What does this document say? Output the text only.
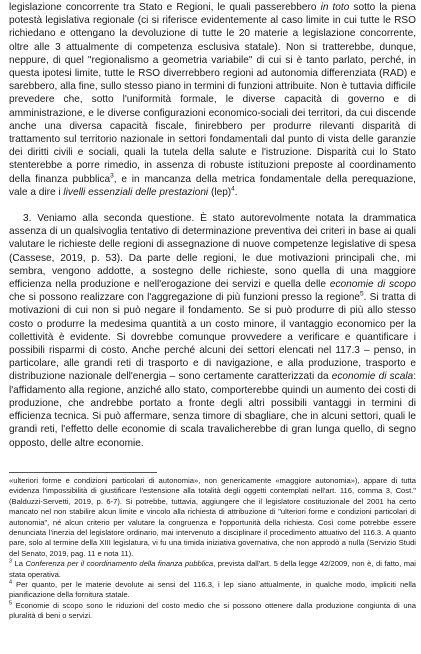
legislazione concorrente tra Stato e Regioni, le quali passerebbero in toto sotto la piena potestà legislativa regionale (ci si riferisce evidentemente al caso limite in cui tutte le RSO richiedano e ottengano la devoluzione di tutte le 20 materie a legislazione concorrente, oltre alle 3 attualmente di competenza esclusiva statale). Non si tratterebbe, dunque, neppure, di quel "regionalismo a geometria variabile" di cui si è tanto parlato, perché, in questa ipotesi limite, tutte le RSO diverrebbero regioni ad autonomia differenziata (RAD) e sarebbero, alla fine, sullo stesso piano in termini di funzioni attribuite. Non è tuttavia difficile prevedere che, sotto l'uniformità formale, le diverse capacità di governo e di amministrazione, e le diverse configurazioni economico-sociali dei territori, da cui discende anche una diversa capacità fiscale, finirebbero per produrre rilevanti disparità di trattamento sul territorio nazionale in settori fondamentali dal punto di vista delle garanzie dei diritti civili e sociali, quali la tutela della salute e l'istruzione. Disparità cui lo Stato stenterebbe a porre rimedio, in assenza di robuste istituzioni preposte al coordinamento della finanza pubblica$^3$, e in mancanza della metrica fondamentale della perequazione, vale a dire i livelli essenziali delle prestazioni (lep)$^4$.

3. Veniamo alla seconda questione. È stato autorevolmente notata la drammatica assenza di un qualsivoglia tentativo di determinazione preventiva dei criteri in base ai quali valutare le richieste delle regioni di assegnazione di nuove competenze legislative di spesa (Cassese, 2019, p. 53). Da parte delle regioni, le due motivazioni principali che, mi sembra, vengono addotte, a sostegno delle richieste, sono quella di una maggiore efficienza nella produzione e nell'erogazione dei servizi e quella delle economie di scopo che si possono realizzare con l'aggregazione di più funzioni presso la regione$^5$. Si tratta di motivazioni di cui non si può negare il fondamento. Se si può produrre di più allo stesso costo o produrre la medesima quantità a un costo minore, il vantaggio economico per la collettività è evidente. Si dovrebbe comunque provvedere a verificare e quantificare i possibili risparmi di costo. Anche perché alcuni dei settori elencati nel 117.3 – penso, in particolare, alle grandi reti di trasporto e di navigazione, e alla produzione, trasporto e distribuzione nazionale dell'energia – sono certamente caratterizzati da economie di scala: l'affidamento alla regione, anziché allo stato, comporterebbe quindi un aumento dei costi di produzione, che andrebbe portato a fronte degli altri possibili vantaggi in termini di efficienza tecnica. Si può affermare, senza timore di sbagliare, che in alcuni settori, quali le grandi reti, l'effetto delle economie di scala travalicherebbe di gran lunga quello, di segno opposto, delle altre economie.

«ulteriori forme e condizioni particolari di autonomia», non genericamente «maggiore autonomia»), appare di tutta evidenza l'impossibilità di giustificare l'estensione alla totalità degli oggetti contemplati nell'art. 116, comma 3, Cost." (Balduzzi-Servetti, 2019, p. 6-7). Si potrebbe, tuttavia, aggiungere che il legislatore costituzionale del 2001 ha certo mancato nel non stabilire alcun limite e vincolo alla richiesta di attribuzione di "ulteriori forme e condizioni particolari di autonomia", né alcun criterio per valutare la congruenza e l'opportunità della richiesta. Così come potrebbe essere denunciata l'inerzia del legislatore ordinario, mai intervenuto a disciplinare il procedimento attuativo del 116.3. A quanto pare, solo al termine della XIII legislatura, vi fu una timida iniziativa governativa, che non approdò a nulla (Servizio Studi del Senato, 2019, pag. 11 e nota 11).

$^3$ La Conferenza per il coordinamento della finanza pubblica, prevista dall'art. 5 della legge 42/2009, non è, di fatto, mai stata operativa.

$^4$ Per quanto, per le materie devolute ai sensi del 116.3, i lep siano attualmente, in qualche modo, impliciti nella pianificazione della fornitura statale.

$^5$ Economie di scopo sono le riduzioni del costo medio che si possono ottenere dalla produzione congiunta di una pluralità di beni o servizi.
